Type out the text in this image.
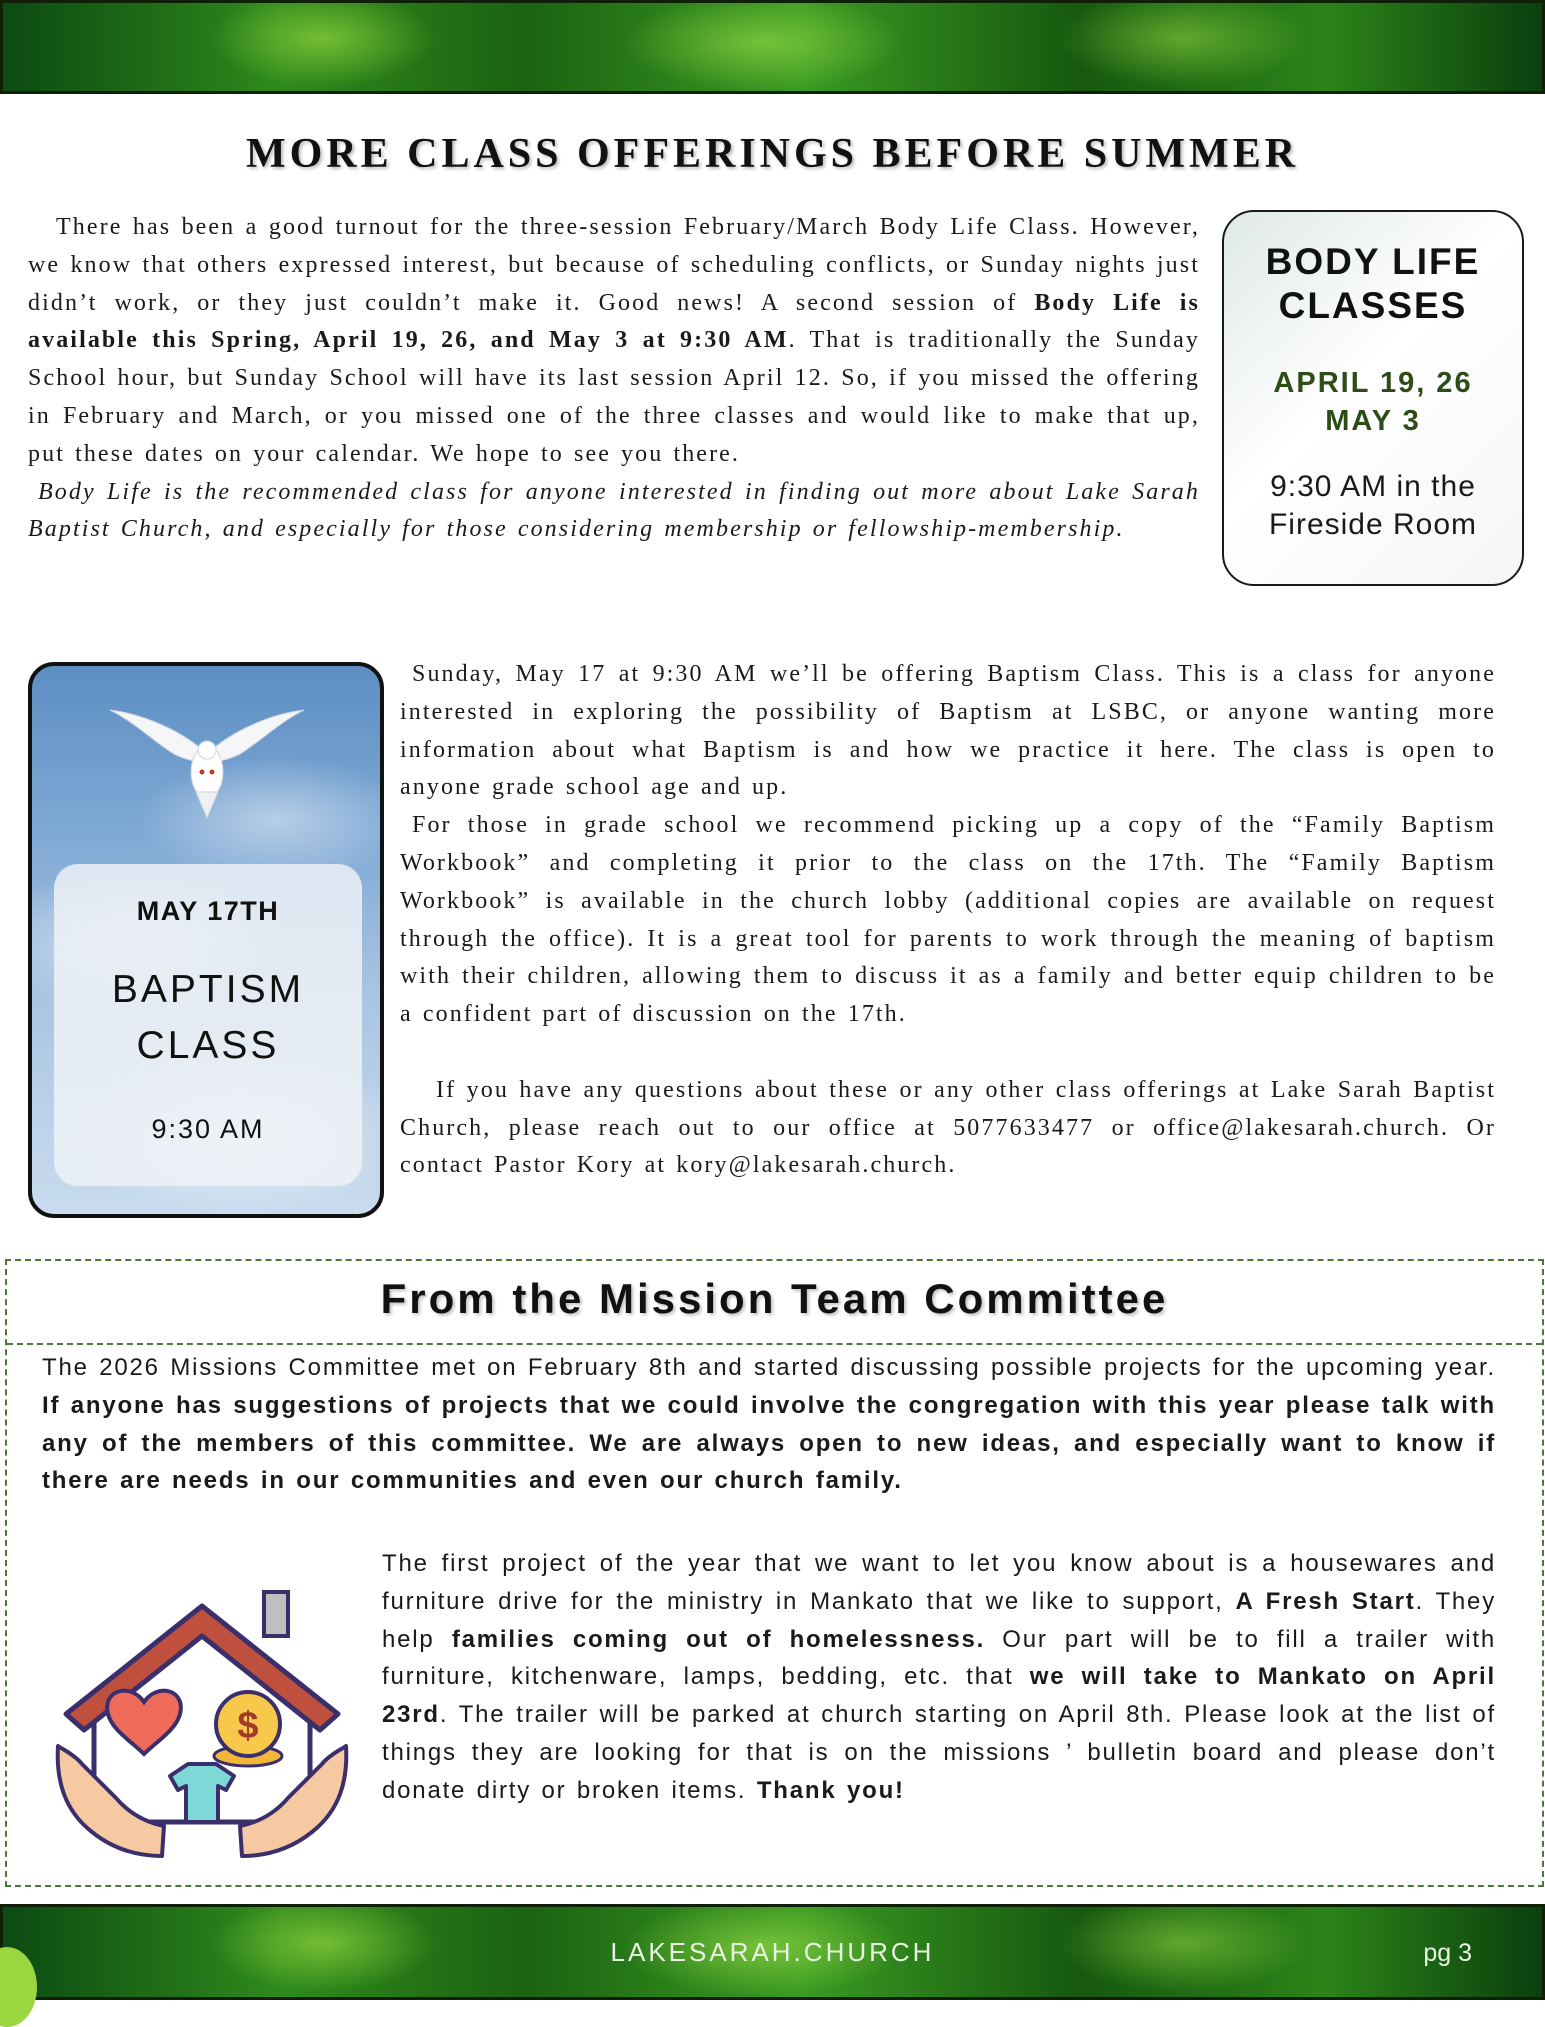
MORE CLASS OFFERINGS BEFORE SUMMER

There has been a good turnout for the three-session February/March Body Life Class. However, we know that others expressed interest, but because of scheduling conflicts, or Sunday nights just didn’t work, or they just couldn’t make it. Good news! A second session of Body Life is available this Spring, April 19, 26, and May 3 at 9:30 AM. That is traditionally the Sunday School hour, but Sunday School will have its last session April 12. So, if you missed the offering in February and March, or you missed one of the three classes and would like to make that up, put these dates on your calendar. We hope to see you there.

Body Life is the recommended class for anyone interested in finding out more about Lake Sarah Baptist Church, and especially for those considering membership or fellowship-membership.

BODY LIFE
CLASSES
APRIL 19, 26
MAY 3
9:30 AM in the
Fireside Room
MAY 17TH
BAPTISM
CLASS
9:30 AM

Sunday, May 17 at 9:30 AM we’ll be offering Baptism Class. This is a class for anyone interested in exploring the possibility of Baptism at LSBC, or anyone wanting more information about what Baptism is and how we practice it here. The class is open to anyone grade school age and up.

For those in grade school we recommend picking up a copy of the “Family Baptism Workbook” and completing it prior to the class on the 17th. The “Family Baptism Workbook” is available in the church lobby (additional copies are available on request through the office). It is a great tool for parents to work through the meaning of baptism with their children, allowing them to discuss it as a family and better equip children to be a confident part of discussion on the 17th.

If you have any questions about these or any other class offerings at Lake Sarah Baptist Church, please reach out to our office at 5077633477 or office@lakesarah.church. Or contact Pastor Kory at kory@lakesarah.church.

From the Mission Team Committee

The 2026 Missions Committee met on February 8th and started discussing possible projects for the upcoming year. If anyone has suggestions of projects that we could involve the congregation with this year please talk with any of the members of this committee. We are always open to new ideas, and especially want to know if there are needs in our communities and even our church family.

$

The first project of the year that we want to let you know about is a housewares and furniture drive for the ministry in Mankato that we like to support, A Fresh Start. They help families coming out of homelessness. Our part will be to fill a trailer with furniture, kitchenware, lamps, bedding, etc. that we will take to Mankato on April 23rd. The trailer will be parked at church starting on April 8th. Please look at the list of things they are looking for that is on the missions ’ bulletin board and please don’t donate dirty or broken items. Thank you!

LAKESARAH.CHURCH	pg 3
